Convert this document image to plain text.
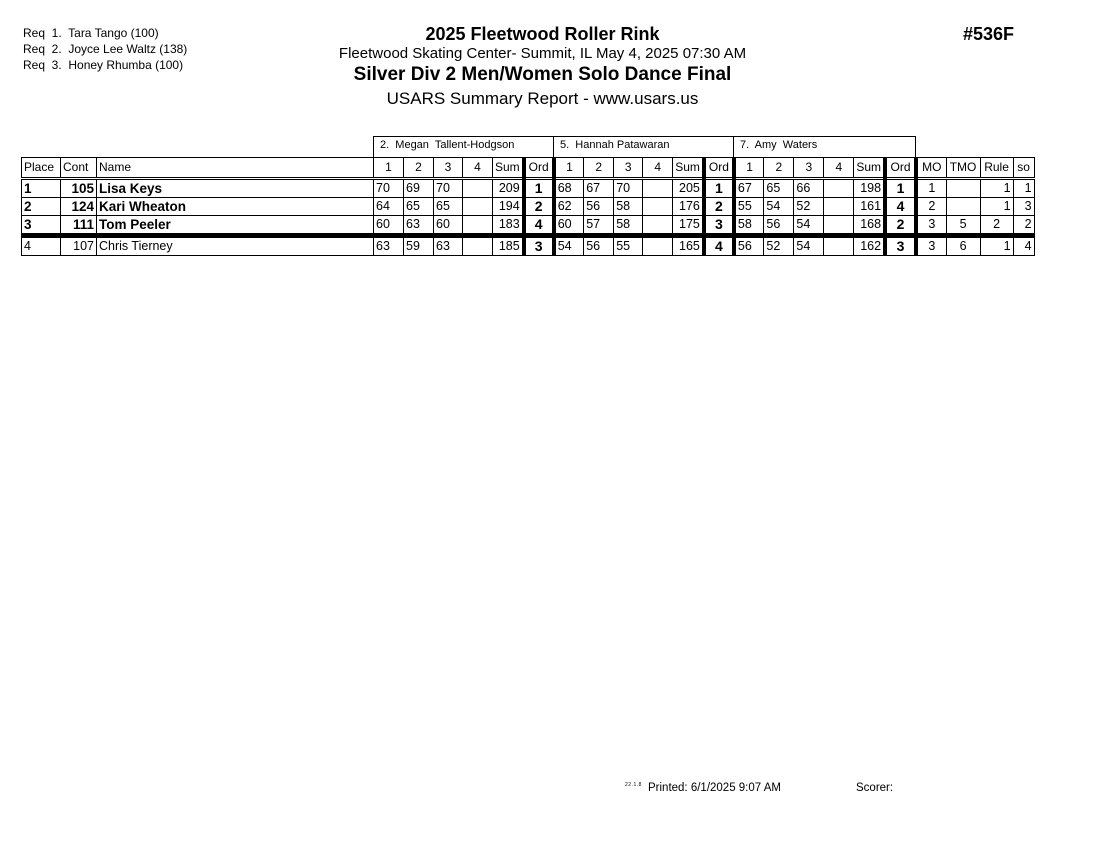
Req  1.  Tara Tango (100)
Req  2.  Joyce Lee Waltz (138)
Req  3.  Honey Rhumba (100)
2025 Fleetwood Roller Rink
Fleetwood Skating Center- Summit, IL May 4, 2025 07:30 AM
Silver Div 2 Men/Women Solo Dance Final
USARS Summary Report - www.usars.us
#536F
2.  Megan  Tallent-Hodgson	5.  Hannah Patawaran	7.  Amy  Waters
Place	Cont	Name	1	2	3	4	Sum	Ord	1	2	3	4	Sum	Ord	1	2	3	4	Sum	Ord	MO	TMO	Rule	so
1	105	Lisa Keys	70	69	70		209	1	68	67	70		205	1	67	65	66		198	1	1		1	1
2	124	Kari Wheaton	64	65	65		194	2	62	56	58		176	2	55	54	52		161	4	2		1	3
3	111	Tom Peeler	60	63	60		183	4	60	57	58		175	3	58	56	54		168	2	3	5	2	2
4	107	Chris Tierney	63	59	63		185	3	54	56	55		165	4	56	52	54		162	3	3	6	1	4
22.1.8 Printed: 6/1/2025 9:07 AM	Scorer:
